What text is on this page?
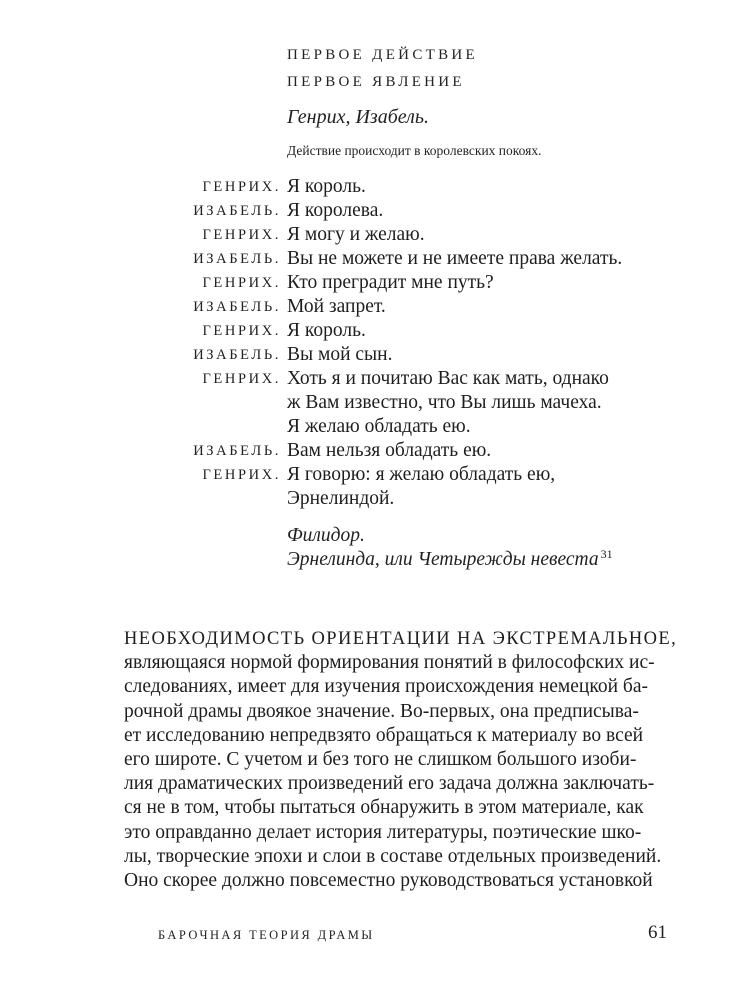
ПЕРВОЕ ДЕЙСТВИЕ
ПЕРВОЕ ЯВЛЕНИЕ
Генрих, Изабель.
Действие происходит в королевских покоях.
ГЕНРИХ. Я король.
ИЗАБЕЛЬ. Я королева.
ГЕНРИХ. Я могу и желаю.
ИЗАБЕЛЬ. Вы не можете и не имеете права желать.
ГЕНРИХ. Кто преградит мне путь?
ИЗАБЕЛЬ. Мой запрет.
ГЕНРИХ. Я король.
ИЗАБЕЛЬ. Вы мой сын.
ГЕНРИХ. Хоть я и почитаю Вас как мать, однако
ж Вам известно, что Вы лишь мачеха.
Я желаю обладать ею.
ИЗАБЕЛЬ. Вам нельзя обладать ею.
ГЕНРИХ. Я говорю: я желаю обладать ею,
Эрнелиндой.
Филидор.
Эрнелинда, или Четырежды невеста $^{31}$
НЕОБХОДИМОСТЬ ОРИЕНТАЦИИ НА ЭКСТРЕМАЛЬНОЕ,
являющаяся нормой формирования понятий в философских ис-
следованиях, имеет для изучения происхождения немецкой ба-
рочной драмы двоякое значение. Во-первых, она предписыва-
ет исследованию непредвзято обращаться к материалу во всей
его широте. С учетом и без того не слишком большого изоби-
лия драматических произведений его задача должна заключать-
ся не в том, чтобы пытаться обнаружить в этом материале, как
это оправданно делает история литературы, поэтические шко-
лы, творческие эпохи и слои в составе отдельных произведений.
Оно скорее должно повсеместно руководствоваться установкой
БАРОЧНАЯ ТЕОРИЯ ДРАМЫ	61
